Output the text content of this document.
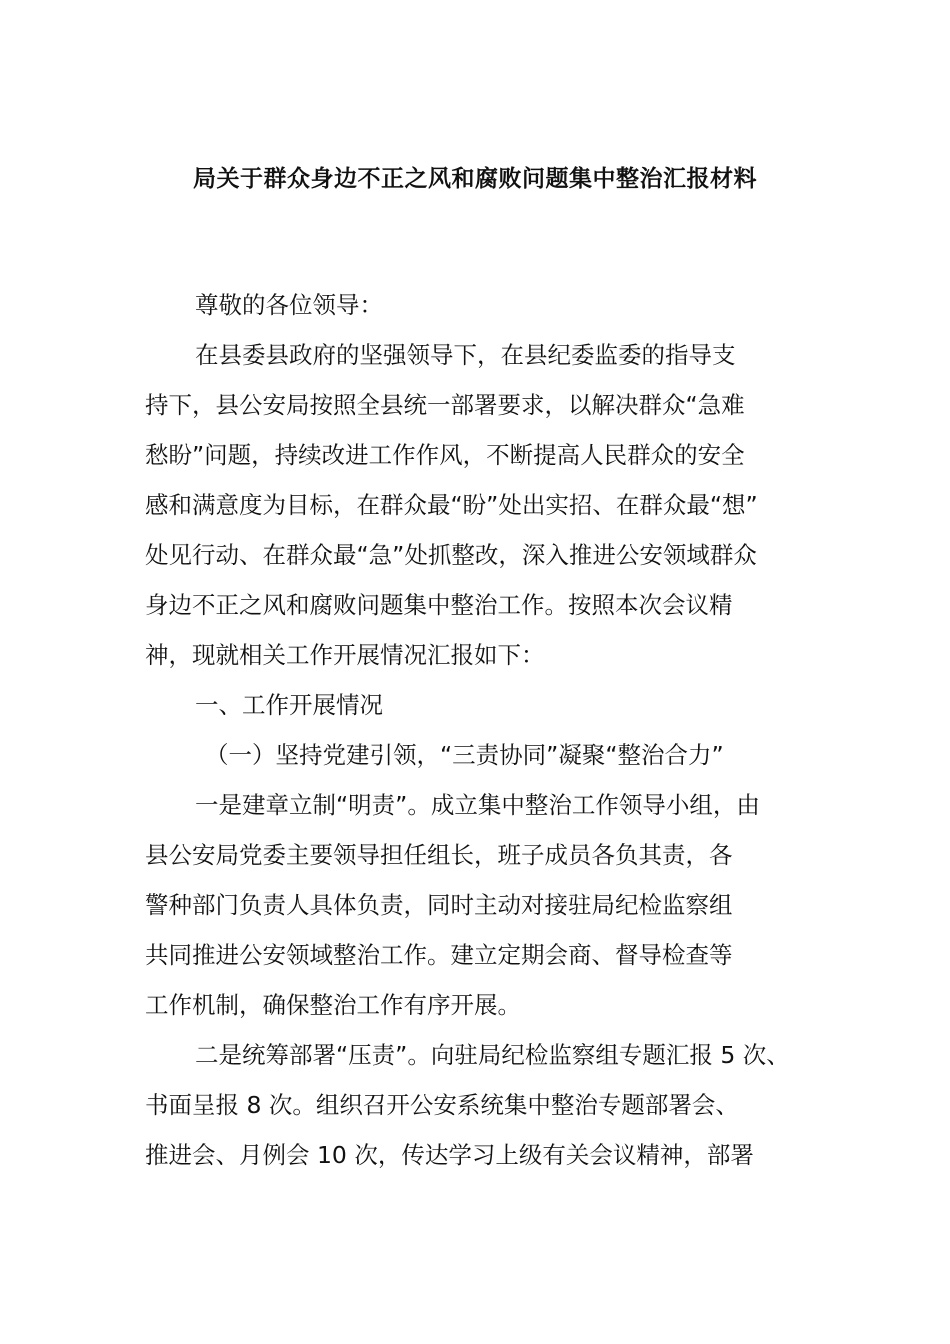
局关于群众身边不正之风和腐败问题集中整治汇报材料
尊敬的各位领导：
在县委县政府的坚强领导下，在县纪委监委的指导支
持下，县公安局按照全县统一部署要求，以解决群众“急难
愁盼”问题，持续改进工作作风，不断提高人民群众的安全
感和满意度为目标，在群众最“盼”处出实招、在群众最“想”
处见行动、在群众最“急”处抓整改，深入推进公安领域群众
身边不正之风和腐败问题集中整治工作。按照本次会议精
神，现就相关工作开展情况汇报如下：
一、工作开展情况
（一）坚持党建引领，“三责协同”凝聚“整治合力”
一是建章立制“明责”。成立集中整治工作领导小组，由
县公安局党委主要领导担任组长，班子成员各负其责，各
警种部门负责人具体负责，同时主动对接驻局纪检监察组
共同推进公安领域整治工作。建立定期会商、督导检查等
工作机制，确保整治工作有序开展。
二是统筹部署“压责”。向驻局纪检监察组专题汇报 5 次、
书面呈报 8 次。组织召开公安系统集中整治专题部署会、
推进会、月例会 10 次，传达学习上级有关会议精神，部署
